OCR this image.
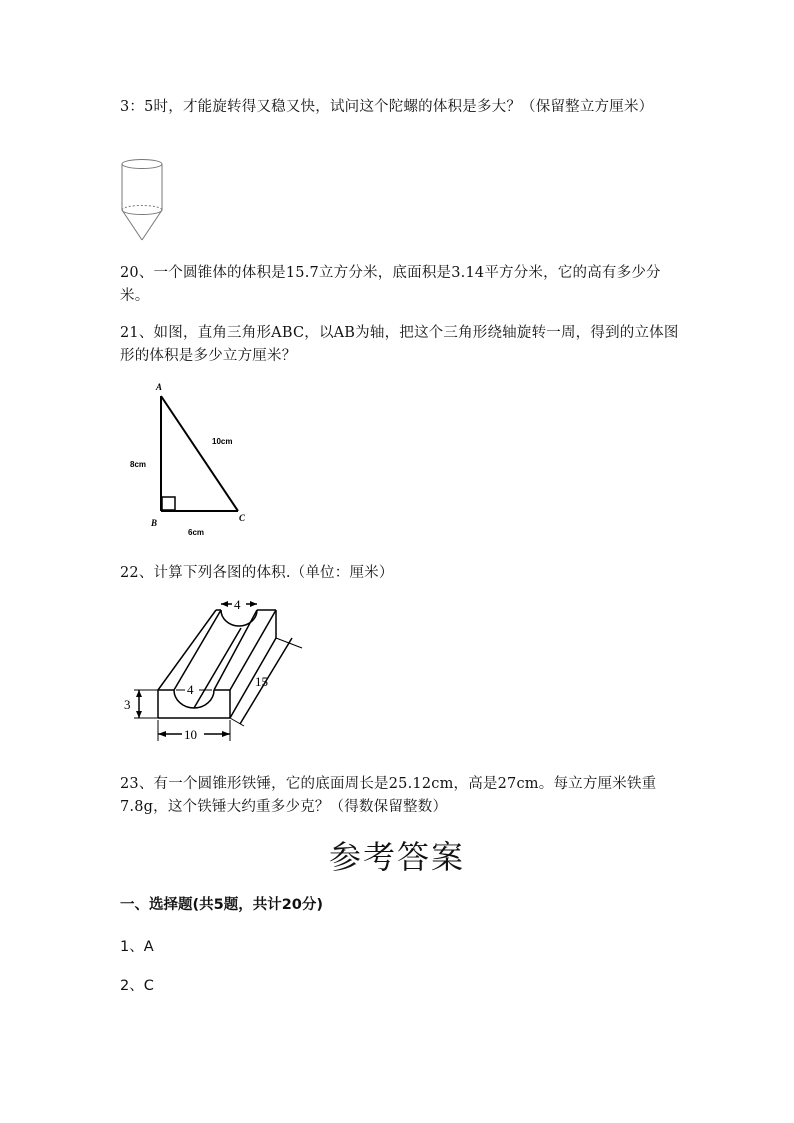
3：5时，才能旋转得又稳又快，试问这个陀螺的体积是多大？（保留整立方厘米）
20、一个圆锥体的体积是15.7立方分米，底面积是3.14平方分米，它的高有多少分米。
21、如图，直角三角形ABC，以AB为轴，把这个三角形绕轴旋转一周，得到的立体图形的体积是多少立方厘米？
A
B	C
8cm
6cm
10cm
22、计算下列各图的体积.（单位：厘米）
4
4
3
10
15
23、有一个圆锥形铁锤，它的底面周长是25.12cm，高是27cm。每立方厘米铁重7.8g，这个铁锤大约重多少克？（得数保留整数）
参考答案
一、选择题(共5题，共计20分)
1、A
2、C
